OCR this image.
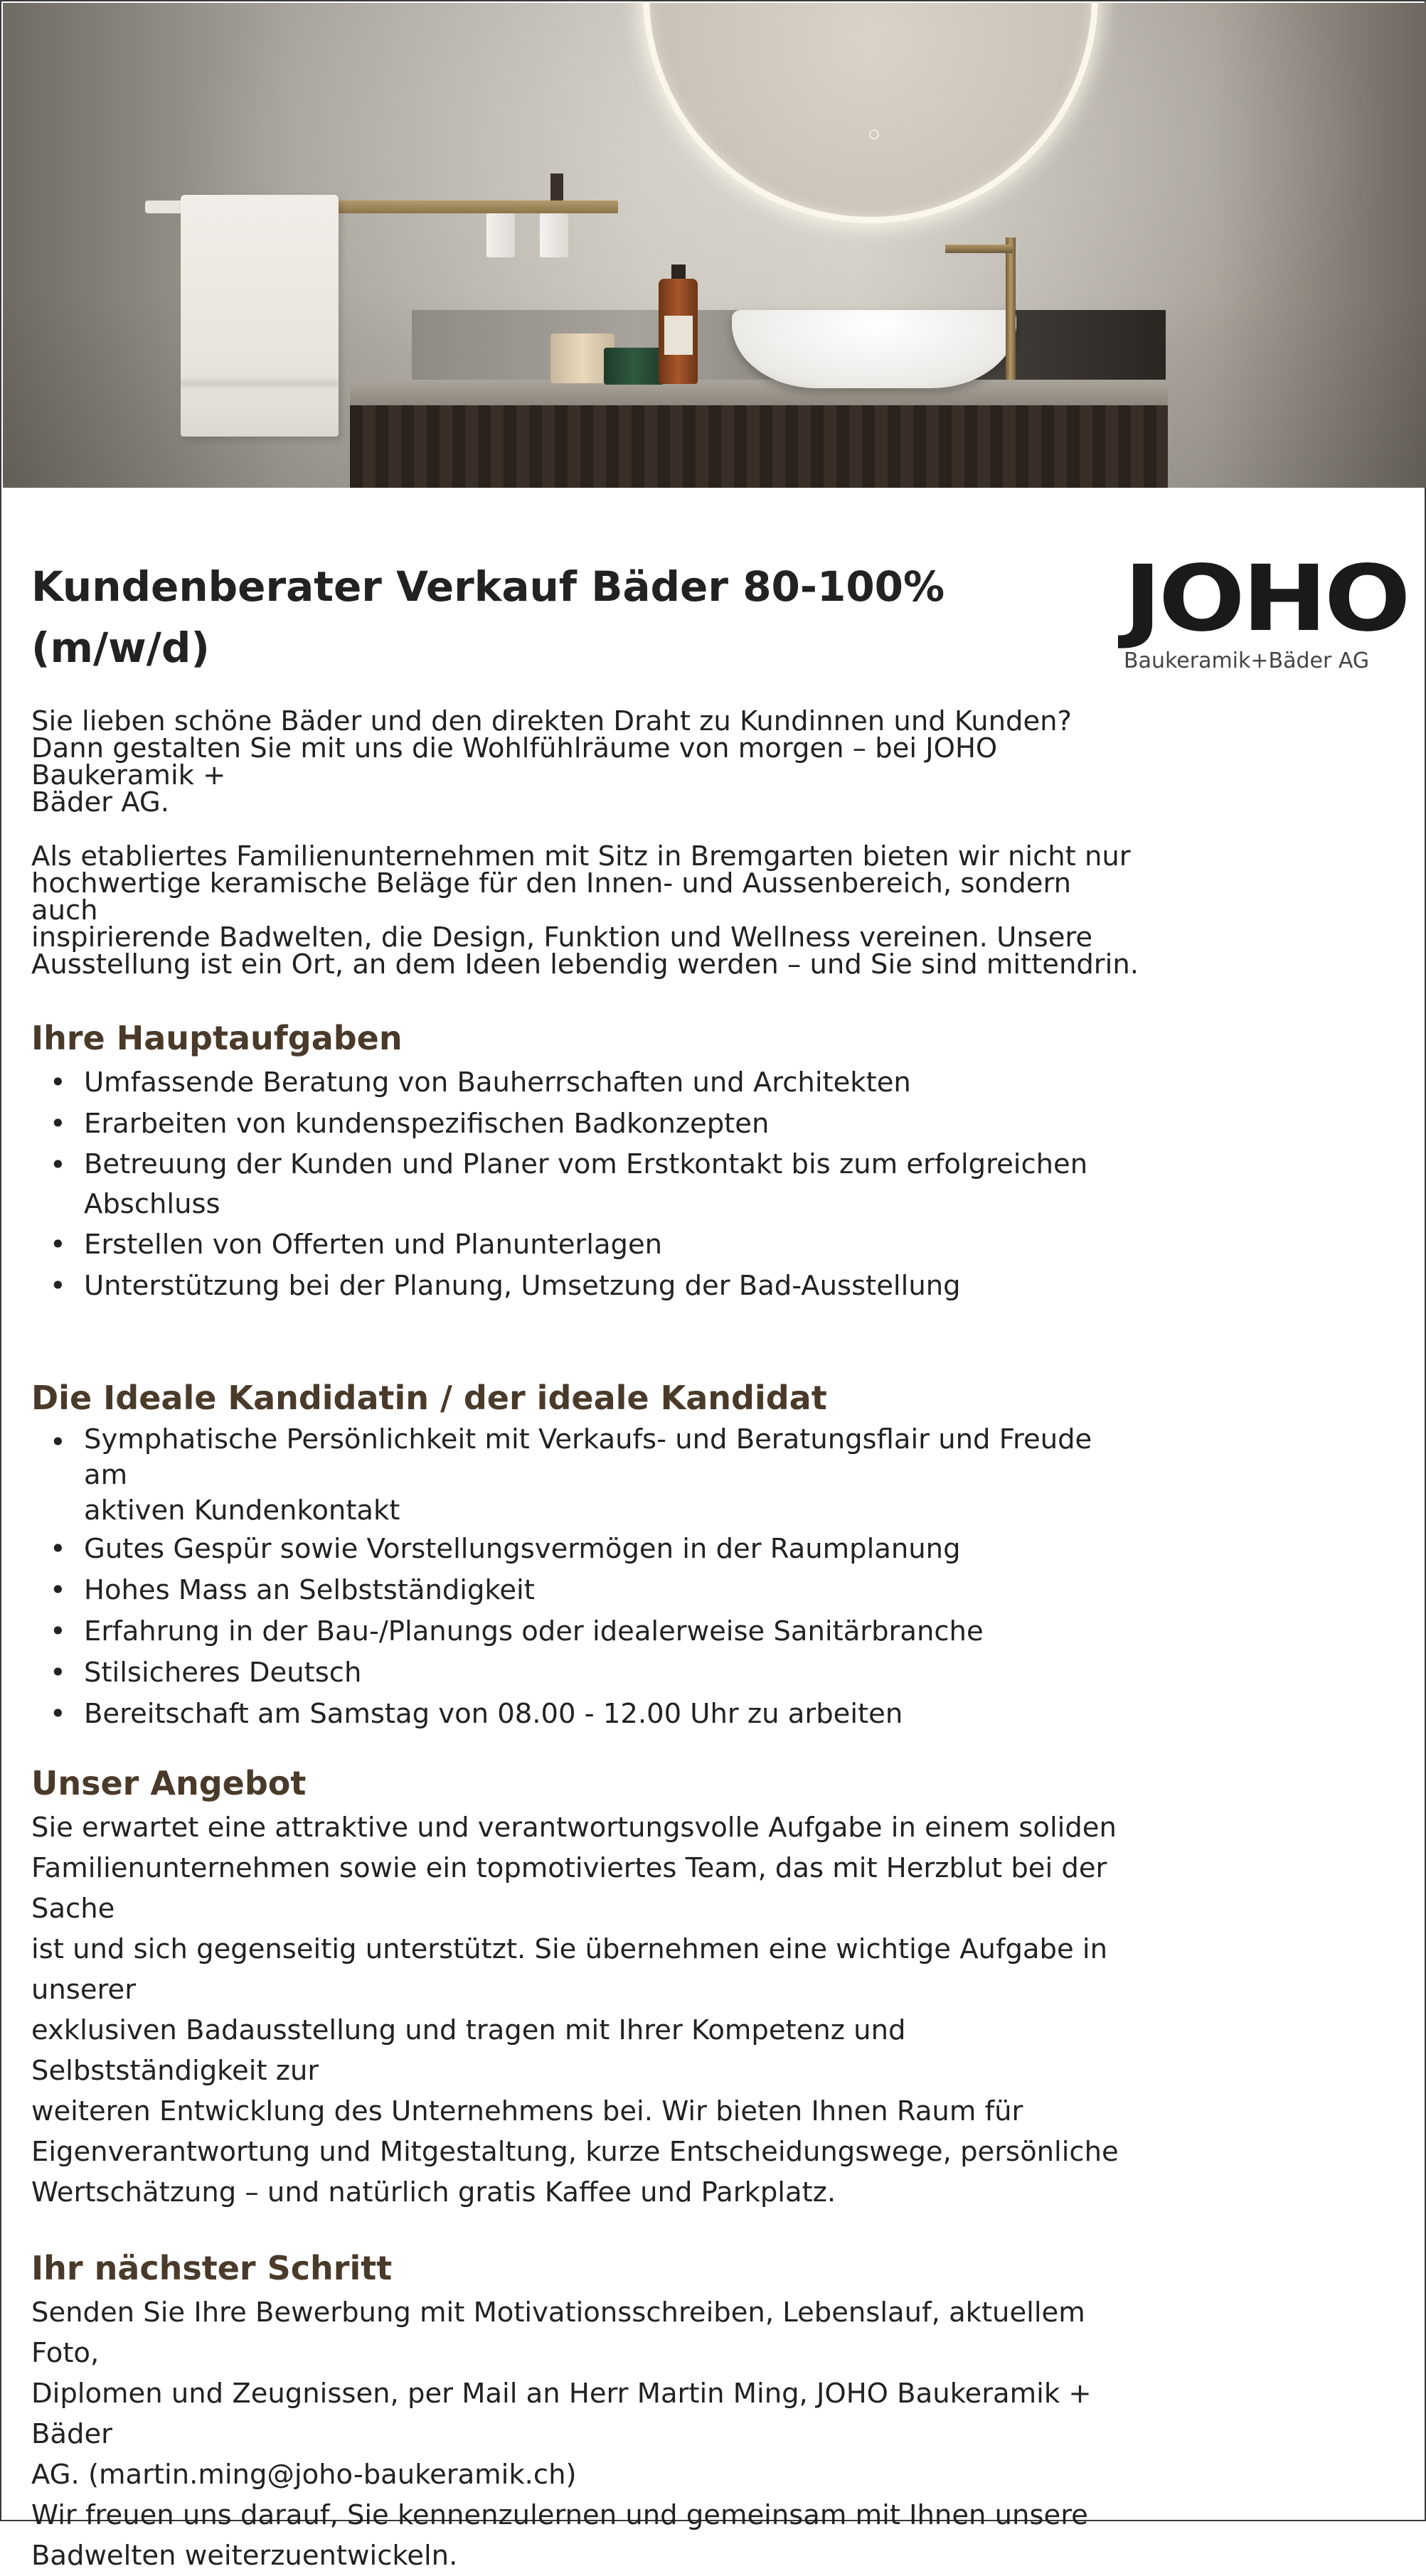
JOHO
Baukeramik+Bäder AG
Kundenberater Verkauf Bäder 80-100%
(m/w/d)
Sie lieben schöne Bäder und den direkten Draht zu Kundinnen und Kunden?
Dann gestalten Sie mit uns die Wohlfühlräume von morgen – bei JOHO Baukeramik +
Bäder AG.
Als etabliertes Familienunternehmen mit Sitz in Bremgarten bieten wir nicht nur
hochwertige keramische Beläge für den Innen- und Aussenbereich, sondern auch
inspirierende Badwelten, die Design, Funktion und Wellness vereinen. Unsere
Ausstellung ist ein Ort, an dem Ideen lebendig werden – und Sie sind mittendrin.
Ihre Hauptaufgaben
• Umfassende Beratung von Bauherrschaften und Architekten
• Erarbeiten von kundenspezifischen Badkonzepten
• Betreuung der Kunden und Planer vom Erstkontakt bis zum erfolgreichen
Abschluss
• Erstellen von Offerten und Planunterlagen
• Unterstützung bei der Planung, Umsetzung der Bad-Ausstellung
Die Ideale Kandidatin / der ideale Kandidat
• Symphatische Persönlichkeit mit Verkaufs- und Beratungsflair und Freude am
aktiven Kundenkontakt
• Gutes Gespür sowie Vorstellungsvermögen in der Raumplanung
• Hohes Mass an Selbstständigkeit
• Erfahrung in der Bau-/Planungs oder idealerweise Sanitärbranche
• Stilsicheres Deutsch
• Bereitschaft am Samstag von 08.00 - 12.00 Uhr zu arbeiten
Unser Angebot
Sie erwartet eine attraktive und verantwortungsvolle Aufgabe in einem soliden
Familienunternehmen sowie ein topmotiviertes Team, das mit Herzblut bei der Sache
ist und sich gegenseitig unterstützt. Sie übernehmen eine wichtige Aufgabe in unserer
exklusiven Badausstellung und tragen mit Ihrer Kompetenz und Selbstständigkeit zur
weiteren Entwicklung des Unternehmens bei. Wir bieten Ihnen Raum für
Eigenverantwortung und Mitgestaltung, kurze Entscheidungswege, persönliche
Wertschätzung – und natürlich gratis Kaffee und Parkplatz.
Ihr nächster Schritt
Senden Sie Ihre Bewerbung mit Motivationsschreiben, Lebenslauf, aktuellem Foto,
Diplomen und Zeugnissen, per Mail an Herr Martin Ming, JOHO Baukeramik + Bäder
AG. (martin.ming@joho-baukeramik.ch)
Wir freuen uns darauf, Sie kennenzulernen und gemeinsam mit Ihnen unsere
Badwelten weiterzuentwickeln.
